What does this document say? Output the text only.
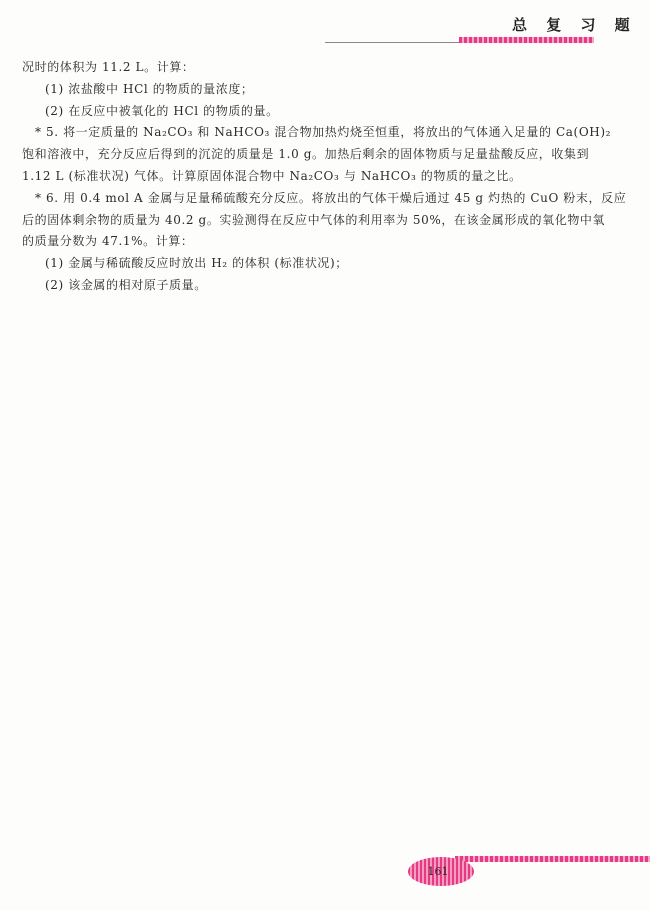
总 复 习 题
况时的体积为 11.2 L。计算：
(1) 浓盐酸中 HCl 的物质的量浓度；
(2) 在反应中被氧化的 HCl 的物质的量。
* 5. 将一定质量的 Na₂CO₃ 和 NaHCO₃ 混合物加热灼烧至恒重，将放出的气体通入足量的 Ca(OH)₂
饱和溶液中，充分反应后得到的沉淀的质量是 1.0 g。加热后剩余的固体物质与足量盐酸反应，收集到
1.12 L (标准状况) 气体。计算原固体混合物中 Na₂CO₃ 与 NaHCO₃ 的物质的量之比。
* 6. 用 0.4 mol A 金属与足量稀硫酸充分反应。将放出的气体干燥后通过 45 g 灼热的 CuO 粉末，反应
后的固体剩余物的质量为 40.2 g。实验测得在反应中气体的利用率为 50%，在该金属形成的氧化物中氧
的质量分数为 47.1%。计算：
(1) 金属与稀硫酸反应时放出 H₂ 的体积 (标准状况)；
(2) 该金属的相对原子质量。
161
